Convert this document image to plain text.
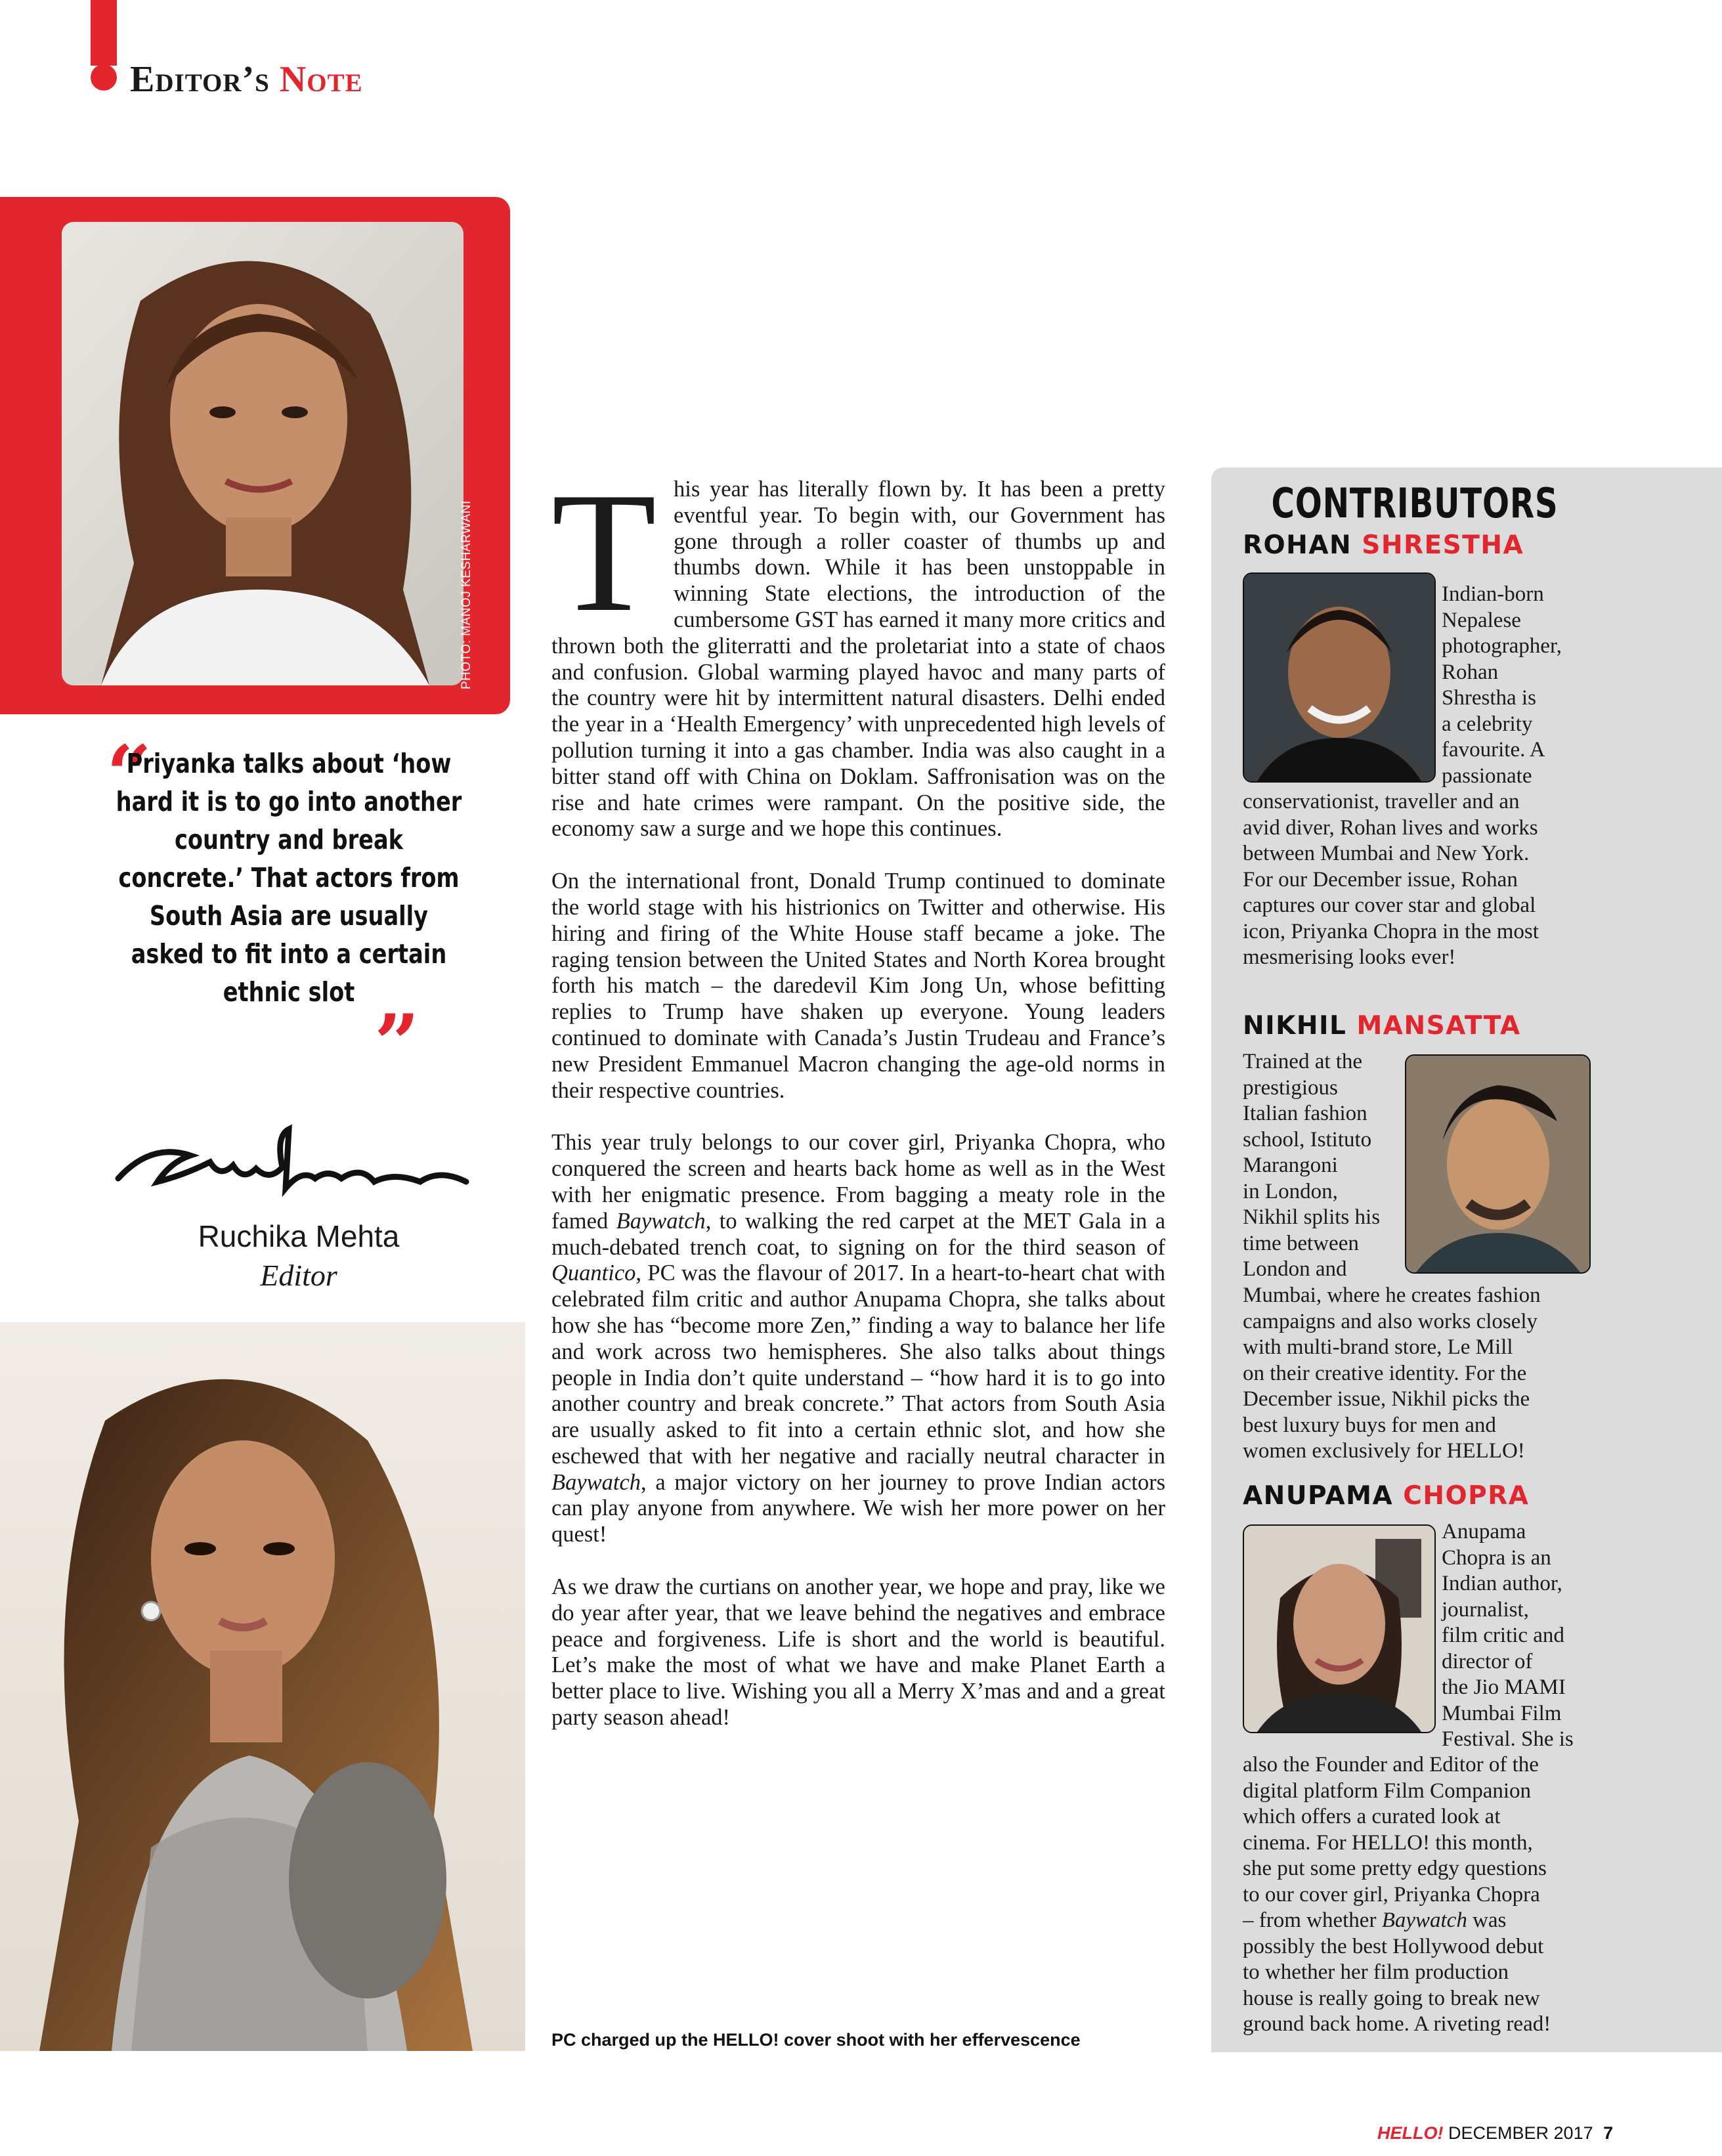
Editor’s Note
PHOTO: MANOJ KESHARWANI
“
Priyanka talks about ‘how hard it is to go into another country and break concrete.’ That actors from South Asia are usually asked to fit into a certain ethnic slot
”
Ruchika
Ruchika Mehta
Editor

This year has literally flown by. It has been a pretty eventful year. To begin with, our Government has gone through a roller coaster of thumbs up and thumbs down. While it has been unstoppable in winning State elections, the introduction of the cumbersome GST has earned it many more critics and thrown both the gliterratti and the proletariat into a state of chaos and confusion. Global warming played havoc and many parts of the country were hit by intermittent natural disasters. Delhi ended the year in a ‘Health Emergency’ with unprecedented high levels of pollution turning it into a gas chamber. India was also caught in a bitter stand off with China on Doklam. Saffronisation was on the rise and hate crimes were rampant. On the positive side, the economy saw a surge and we hope this continues.

On the international front, Donald Trump continued to dominate the world stage with his histrionics on Twitter and otherwise. His hiring and firing of the White House staff became a joke. The raging tension between the United States and North Korea brought forth his match – the daredevil Kim Jong Un, whose befitting replies to Trump have shaken up everyone. Young leaders continued to dominate with Canada’s Justin Trudeau and France’s new President Emmanuel Macron changing the age-old norms in their respective countries.

This year truly belongs to our cover girl, Priyanka Chopra, who conquered the screen and hearts back home as well as in the West with her enigmatic presence. From bagging a meaty role in the famed Baywatch, to walking the red carpet at the MET Gala in a much-debated trench coat, to signing on for the third season of Quantico, PC was the flavour of 2017. In a heart-to-heart chat with celebrated film critic and author Anupama Chopra, she talks about how she has “become more Zen,” finding a way to balance her life and work across two hemispheres. She also talks about things people in India don’t quite understand – “how hard it is to go into another country and break concrete.” That actors from South Asia are usually asked to fit into a certain ethnic slot, and how she eschewed that with her negative and racially neutral character in Baywatch, a major victory on her journey to prove Indian actors can play anyone from anywhere. We wish her more power on her quest!

As we draw the curtians on another year, we hope and pray, like we do year after year, that we leave behind the negatives and embrace peace and forgiveness. Life is short and the world is beautiful. Let’s make the most of what we have and make Planet Earth a better place to live. Wishing you all a Merry X’mas and and a great party season ahead!

PC charged up the HELLO! cover shoot with her effervescence
CONTRIBUTORS
ROHAN SHRESTHA
Indian-born
Nepalese
photographer,
Rohan
Shrestha is
a celebrity
favourite. A
passionate
conservationist, traveller and an
avid diver, Rohan lives and works
between Mumbai and New York.
For our December issue, Rohan
captures our cover star and global
icon, Priyanka Chopra in the most
mesmerising looks ever!
NIKHIL MANSATTA
Trained at the
prestigious
Italian fashion
school, Istituto
Marangoni
in London,
Nikhil splits his
time between
London and
Mumbai, where he creates fashion
campaigns and also works closely
with multi-brand store, Le Mill
on their creative identity. For the
December issue, Nikhil picks the
best luxury buys for men and
women exclusively for HELLO!
ANUPAMA CHOPRA
Anupama
Chopra is an
Indian author,
journalist,
film critic and
director of
the Jio MAMI
Mumbai Film
Festival. She is
also the Founder and Editor of the
digital platform Film Companion
which offers a curated look at
cinema. For HELLO! this month,
she put some pretty edgy questions
to our cover girl, Priyanka Chopra
– from whether Baywatch was
possibly the best Hollywood debut
to whether her film production
house is really going to break new
ground back home. A riveting read!
HELLO! DECEMBER 2017 7
